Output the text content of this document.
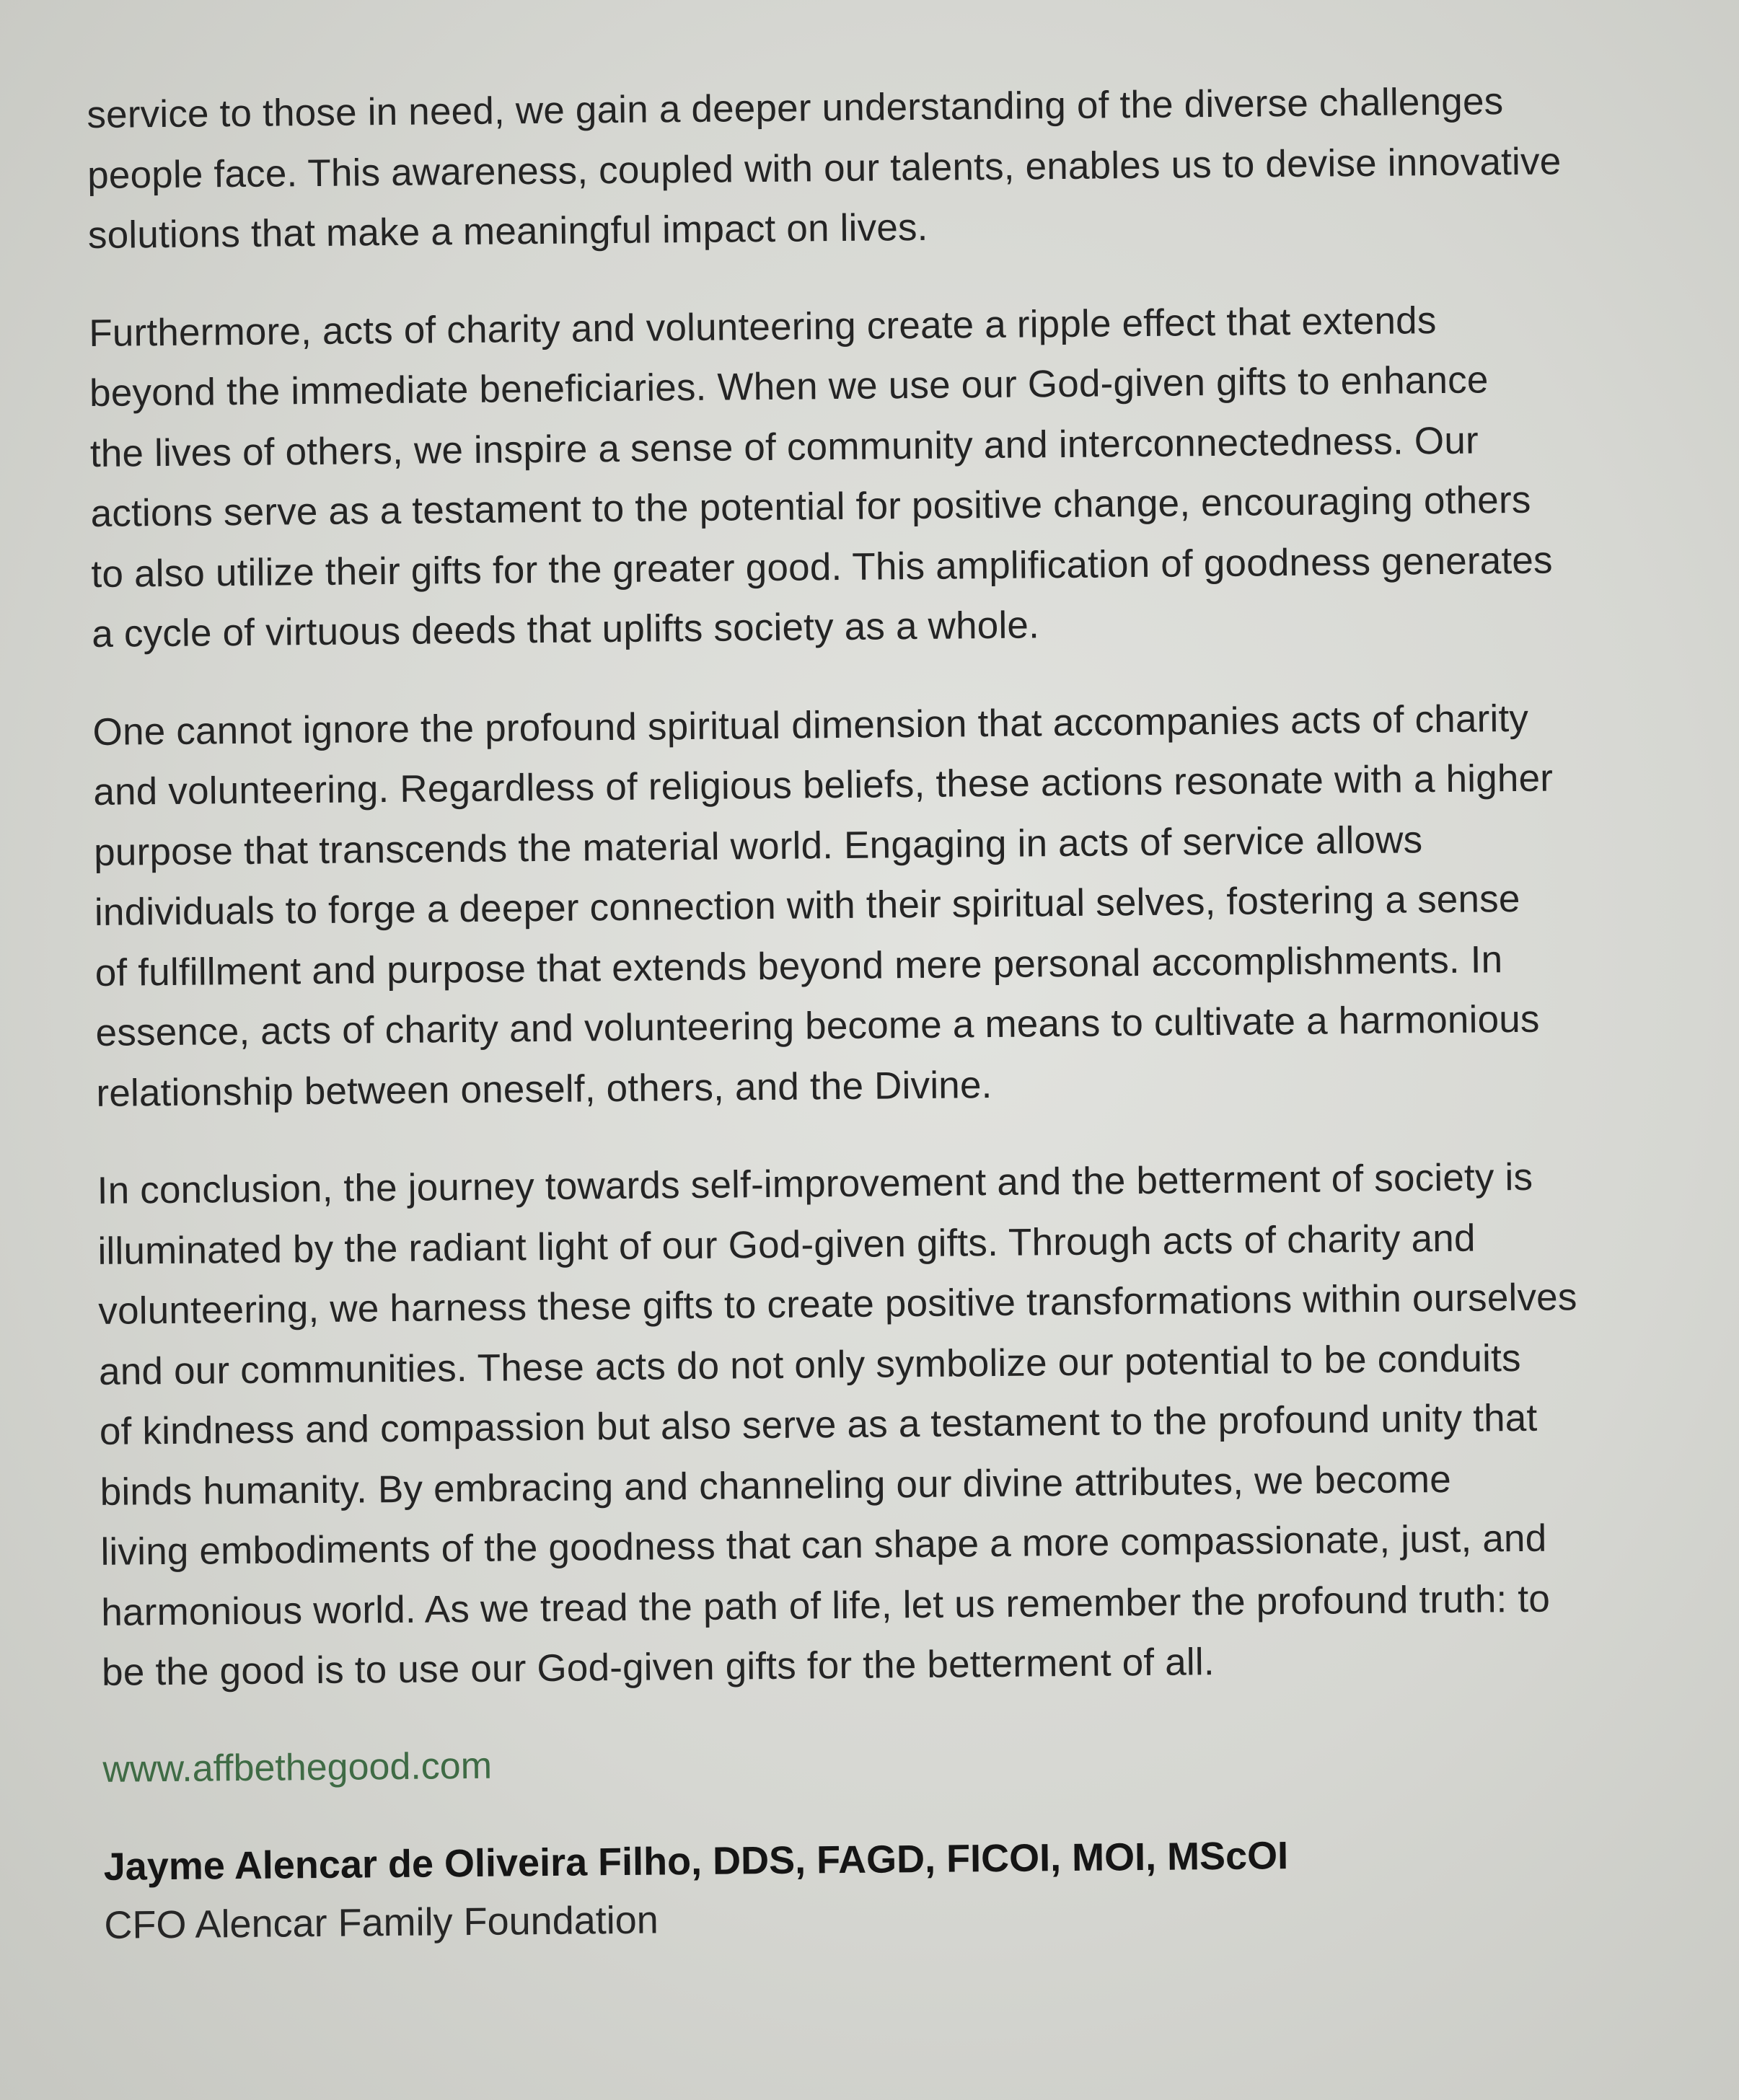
service to those in need, we gain a deeper understanding of the diverse challenges
people face. This awareness, coupled with our talents, enables us to devise innovative
solutions that make a meaningful impact on lives.
Furthermore, acts of charity and volunteering create a ripple effect that extends
beyond the immediate beneficiaries. When we use our God-given gifts to enhance
the lives of others, we inspire a sense of community and interconnectedness. Our
actions serve as a testament to the potential for positive change, encouraging others
to also utilize their gifts for the greater good. This amplification of goodness generates
a cycle of virtuous deeds that uplifts society as a whole.
One cannot ignore the profound spiritual dimension that accompanies acts of charity
and volunteering. Regardless of religious beliefs, these actions resonate with a higher
purpose that transcends the material world. Engaging in acts of service allows
individuals to forge a deeper connection with their spiritual selves, fostering a sense
of fulfillment and purpose that extends beyond mere personal accomplishments. In
essence, acts of charity and volunteering become a means to cultivate a harmonious
relationship between oneself, others, and the Divine.
In conclusion, the journey towards self-improvement and the betterment of society is
illuminated by the radiant light of our God-given gifts. Through acts of charity and
volunteering, we harness these gifts to create positive transformations within ourselves
and our communities. These acts do not only symbolize our potential to be conduits
of kindness and compassion but also serve as a testament to the profound unity that
binds humanity. By embracing and channeling our divine attributes, we become
living embodiments of the goodness that can shape a more compassionate, just, and
harmonious world. As we tread the path of life, let us remember the profound truth: to
be the good is to use our God-given gifts for the betterment of all.
www.affbethegood.com
Jayme Alencar de Oliveira Filho, DDS, FAGD, FICOI, MOI, MScOI
CFO Alencar Family Foundation
